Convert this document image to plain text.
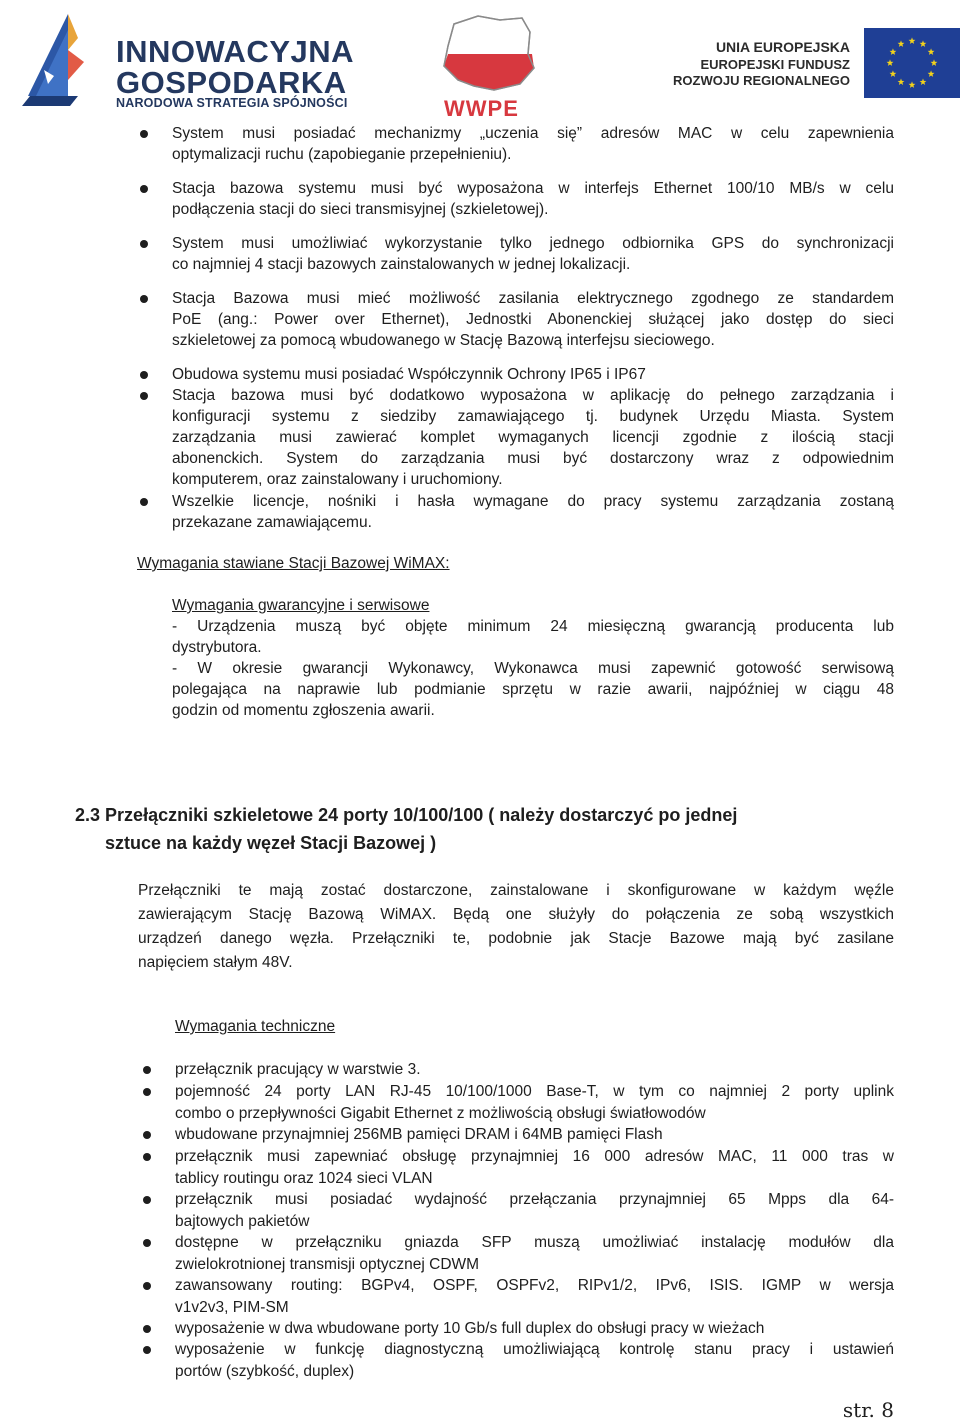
INNOWACYJNA
GOSPODARKA
NARODOWA STRATEGIA SPÓJNOŚCI	WWPE
UNIA EUROPEJSKA
EUROPEJSKI FUNDUSZ
ROZWOJU REGIONALNEGO
System musi posiadać mechanizmy „uczenia się” adresów MAC w celu zapewnienia
optymalizacji ruchu (zapobieganie przepełnieniu).
Stacja bazowa systemu musi być wyposażona w interfejs Ethernet 100/10 MB/s w celu
podłączenia stacji do sieci transmisyjnej (szkieletowej).
System musi umożliwiać wykorzystanie tylko jednego odbiornika GPS do synchronizacji
co najmniej 4 stacji bazowych zainstalowanych w jednej lokalizacji.
Stacja Bazowa musi mieć możliwość zasilania elektrycznego zgodnego ze standardem
PoE (ang.: Power over Ethernet), Jednostki Abonenckiej służącej jako dostęp do sieci
szkieletowej za pomocą wbudowanego w Stację Bazową interfejsu sieciowego.
Obudowa systemu musi posiadać Współczynnik Ochrony IP65 i IP67
Stacja bazowa musi być dodatkowo wyposażona w aplikację do pełnego zarządzania i
konfiguracji systemu z siedziby zamawiającego tj. budynek Urzędu Miasta. System
zarządzania musi zawierać komplet wymaganych licencji zgodnie z ilością stacji
abonenckich. System do zarządzania musi być dostarczony wraz z odpowiednim
komputerem, oraz zainstalowany i uruchomiony.
Wszelkie licencje, nośniki i hasła wymagane do pracy systemu zarządzania zostaną
przekazane zamawiającemu.
Wymagania stawiane Stacji Bazowej WiMAX:
Wymagania gwarancyjne i serwisowe
- Urządzenia muszą być objęte minimum 24 miesięczną gwarancją producenta lub
dystrybutora.
- W okresie gwarancji Wykonawcy, Wykonawca musi zapewnić gotowość serwisową
polegająca na naprawie lub podmianie sprzętu w razie awarii, najpóźniej w ciągu 48
godzin od momentu zgłoszenia awarii.
2.3 Przełączniki szkieletowe 24 porty 10/100/100 ( należy dostarczyć po jednej
sztuce na każdy węzeł Stacji Bazowej )
Przełączniki te mają zostać dostarczone, zainstalowane i skonfigurowane w każdym węźle
zawierającym Stację Bazową WiMAX. Będą one służyły do połączenia ze sobą wszystkich
urządzeń danego węzła. Przełączniki te, podobnie jak Stacje Bazowe mają być zasilane
napięciem stałym 48V.
Wymagania techniczne
przełącznik pracujący w warstwie 3.
pojemność 24 porty LAN RJ-45 10/100/1000 Base-T, w tym co najmniej 2 porty uplink
combo o przepływności Gigabit Ethernet z możliwością obsługi światłowodów
wbudowane przynajmniej 256MB pamięci DRAM i 64MB pamięci Flash
przełącznik musi zapewniać obsługę przynajmniej 16 000 adresów MAC, 11 000 tras w
tablicy routingu oraz 1024 sieci VLAN
przełącznik musi posiadać wydajność przełączania przynajmniej 65 Mpps dla 64-
bajtowych pakietów
dostępne w przełączniku gniazda SFP muszą umożliwiać instalację modułów dla
zwielokrotnionej transmisji optycznej CDWM
zawansowany routing: BGPv4, OSPF, OSPFv2, RIPv1/2, IPv6, ISIS. IGMP w wersja
v1v2v3, PIM-SM
wyposażenie w dwa wbudowane porty 10 Gb/s full duplex do obsługi pracy w wieżach
wyposażenie w funkcję diagnostyczną umożliwiającą kontrolę stanu pracy i ustawień
portów (szybkość, duplex)
str. 8
